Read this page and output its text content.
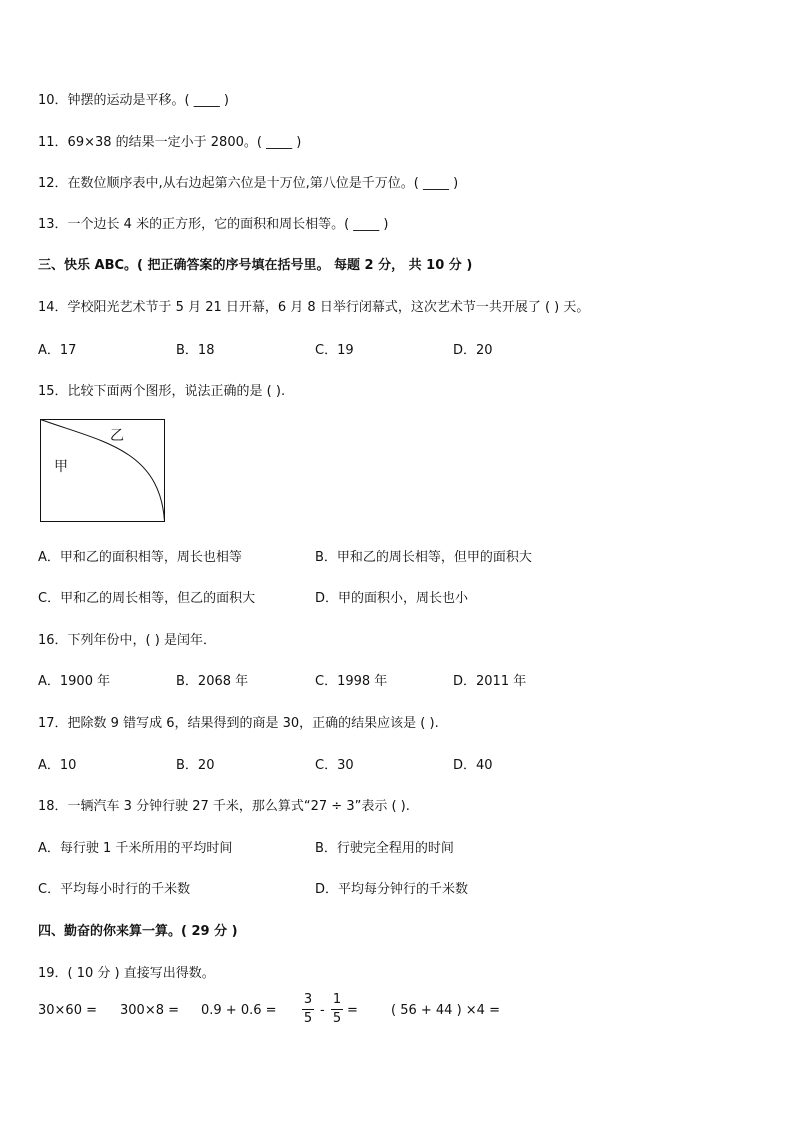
10．钟摆的运动是平移。( ____ )
11．69×38 的结果一定小于 2800。( ____ )
12．在数位顺序表中,从右边起第六位是十万位,第八位是千万位。( ____ )
13．一个边长 4 米的正方形，它的面积和周长相等。( ____ )
三、快乐 ABC。( 把正确答案的序号填在括号里。 每题 2 分， 共 10 分 )
14．学校阳光艺术节于 5 月 21 日开幕，6 月 8 日举行闭幕式，这次艺术节一共开展了 ( ) 天。
A．17	B．18	C．19	D．20
15．比较下面两个图形，说法正确的是 ( ).
甲
乙
A．甲和乙的面积相等，周长也相等	B．甲和乙的周长相等，但甲的面积大
C．甲和乙的周长相等，但乙的面积大	D．甲的面积小，周长也小
16．下列年份中，( ) 是闰年．
A．1900 年	B．2068 年	C．1998 年	D．2011 年
17．把除数 9 错写成 6，结果得到的商是 30，正确的结果应该是 ( ).
A．10	B．20	C．30	D．40
18．一辆汽车 3 分钟行驶 27 千米，那么算式“27 ÷ 3”表示 ( ).
A．每行驶 1 千米所用的平均时间	B．行驶完全程用的时间
C．平均每小时行的千米数	D．平均每分钟行的千米数
四、勤奋的你来算一算。( 29 分 )
19．( 10 分 ) 直接写出得数。
30×60 = 300×8 = 0.9 + 0.6 =
3
5
-
1
5
=	( 56 + 44 ) ×4 =
